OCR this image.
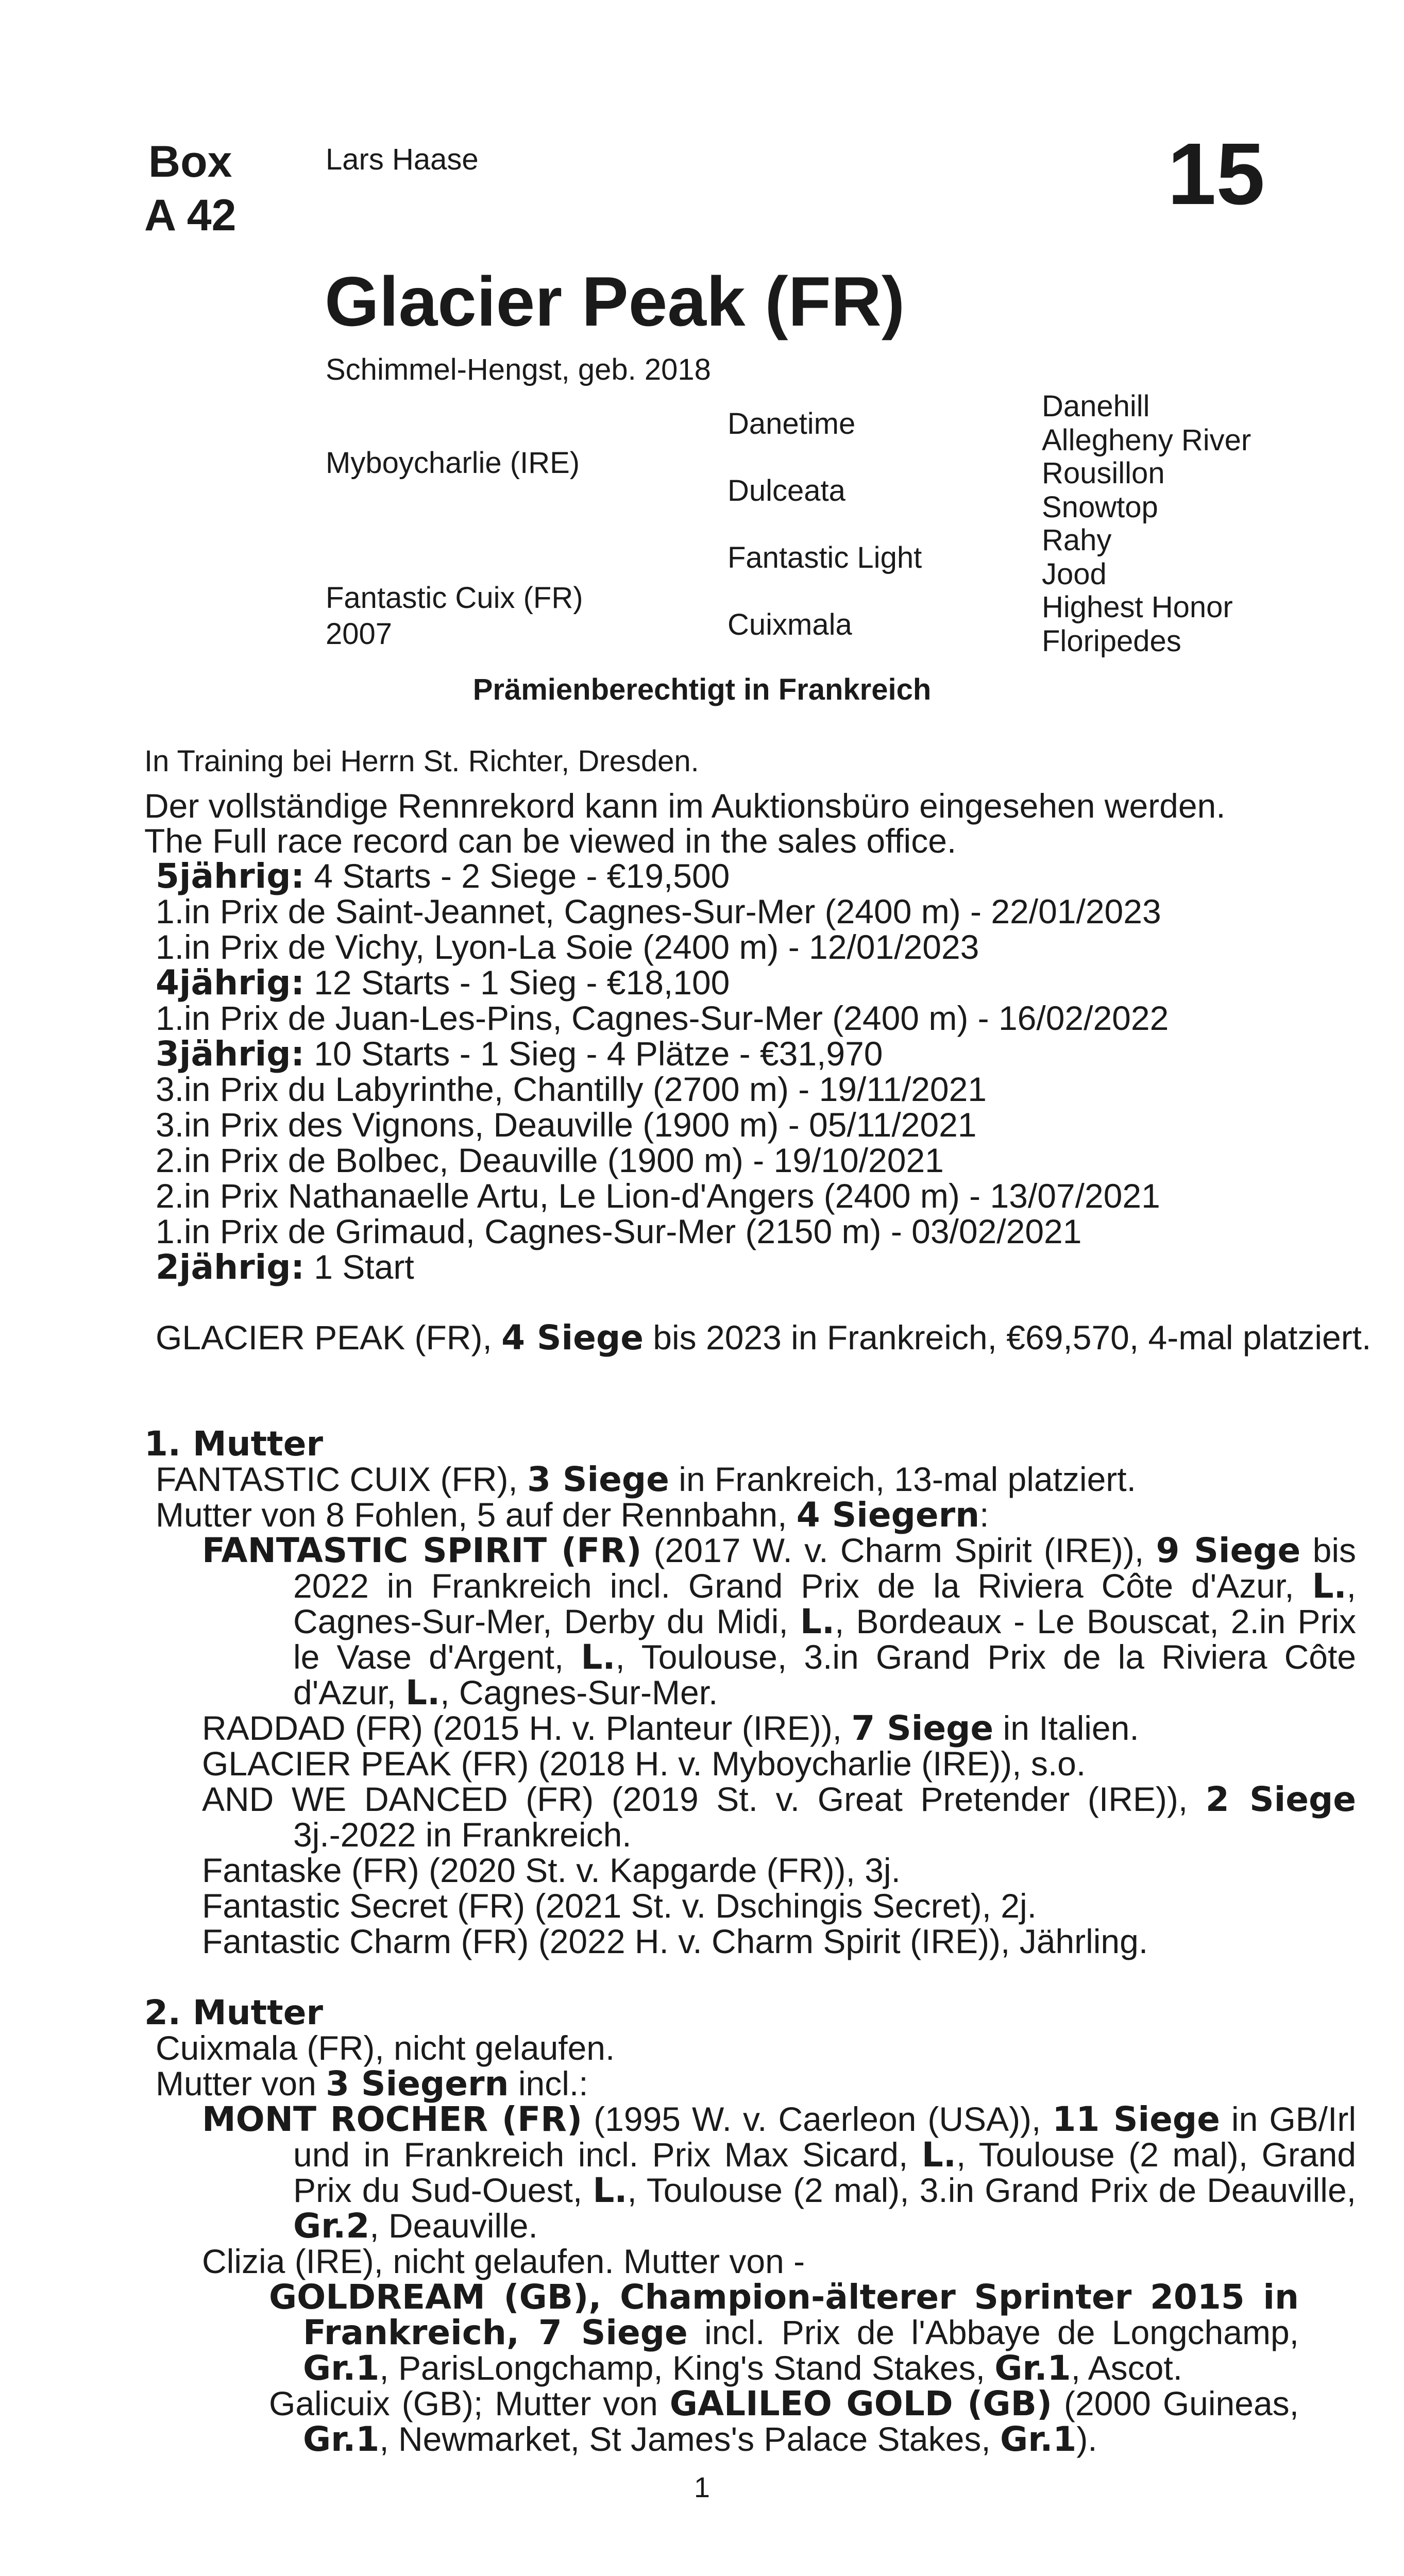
Box
A 42
Lars Haase	15
Glacier Peak (FR)
Schimmel-Hengst, geb. 2018
Myboycharlie (IRE)
Fantastic Cuix (FR)
2007
Danetime
Dulceata
Fantastic Light
Cuixmala
Danehill
Allegheny River
Rousillon
Snowtop
Rahy
Jood
Highest Honor
Floripedes
Prämienberechtigt in Frankreich
In Training bei Herrn St. Richter, Dresden.
Der vollständige Rennrekord kann im Auktionsbüro eingesehen werden.
The Full race record can be viewed in the sales office.
5jährig: 4 Starts - 2 Siege - €19,500
1.in Prix de Saint-Jeannet, Cagnes-Sur-Mer (2400 m) - 22/01/2023
1.in Prix de Vichy, Lyon-La Soie (2400 m) - 12/01/2023
4jährig: 12 Starts - 1 Sieg - €18,100
1.in Prix de Juan-Les-Pins, Cagnes-Sur-Mer (2400 m) - 16/02/2022
3jährig: 10 Starts - 1 Sieg - 4 Plätze - €31,970
3.in Prix du Labyrinthe, Chantilly (2700 m) - 19/11/2021
3.in Prix des Vignons, Deauville (1900 m) - 05/11/2021
2.in Prix de Bolbec, Deauville (1900 m) - 19/10/2021
2.in Prix Nathanaelle Artu, Le Lion-d'Angers (2400 m) - 13/07/2021
1.in Prix de Grimaud, Cagnes-Sur-Mer (2150 m) - 03/02/2021
2jährig: 1 Start
GLACIER PEAK (FR), 4 Siege bis 2023 in Frankreich, €69,570, 4-mal platziert.
1. Mutter
FANTASTIC CUIX (FR), 3 Siege in Frankreich, 13-mal platziert.
Mutter von 8 Fohlen, 5 auf der Rennbahn, 4 Siegern:
FANTASTIC SPIRIT (FR) (2017 W. v. Charm Spirit (IRE)), 9 Siege bis 2022 in Frankreich incl. Grand Prix de la Riviera Côte d'Azur, L., Cagnes-Sur-Mer, Derby du Midi, L., Bordeaux - Le Bouscat, 2.in Prix le Vase d'Argent, L., Toulouse, 3.in Grand Prix de la Riviera Côte d'Azur, L., Cagnes-Sur-Mer.
RADDAD (FR) (2015 H. v. Planteur (IRE)), 7 Siege in Italien.
GLACIER PEAK (FR) (2018 H. v. Myboycharlie (IRE)), s.o.
AND WE DANCED (FR) (2019 St. v. Great Pretender (IRE)), 2 Siege 3j.-2022 in Frankreich.
Fantaske (FR) (2020 St. v. Kapgarde (FR)), 3j.
Fantastic Secret (FR) (2021 St. v. Dschingis Secret), 2j.
Fantastic Charm (FR) (2022 H. v. Charm Spirit (IRE)), Jährling.
2. Mutter
Cuixmala (FR), nicht gelaufen.
Mutter von 3 Siegern incl.:
MONT ROCHER (FR) (1995 W. v. Caerleon (USA)), 11 Siege in GB/Irl und in Frankreich incl. Prix Max Sicard, L., Toulouse (2 mal), Grand Prix du Sud-Ouest, L., Toulouse (2 mal), 3.in Grand Prix de Deauville, Gr.2, Deauville.
Clizia (IRE), nicht gelaufen. Mutter von -
GOLDREAM (GB), Champion-älterer Sprinter 2015 in Frankreich, 7 Siege incl. Prix de l'Abbaye de Longchamp, Gr.1, ParisLongchamp, King's Stand Stakes, Gr.1, Ascot.
Galicuix (GB); Mutter von GALILEO GOLD (GB) (2000 Guineas, Gr.1, Newmarket, St James's Palace Stakes, Gr.1).
1
